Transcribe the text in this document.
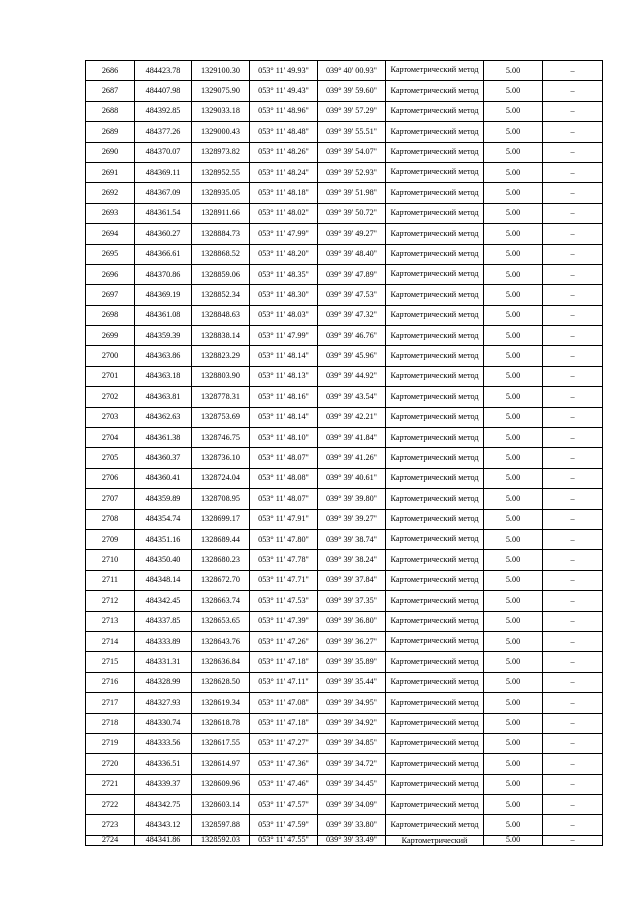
2686	484423.78	1329100.30	053° 11' 49.93"	039° 40' 00.93"	Картометрический метод	5.00	–
2687	484407.98	1329075.90	053° 11' 49.43"	039° 39' 59.60"	Картометрический метод	5.00	–
2688	484392.85	1329033.18	053° 11' 48.96"	039° 39' 57.29"	Картометрический метод	5.00	–
2689	484377.26	1329000.43	053° 11' 48.48"	039° 39' 55.51"	Картометрический метод	5.00	–
2690	484370.07	1328973.82	053° 11' 48.26"	039° 39' 54.07"	Картометрический метод	5.00	–
2691	484369.11	1328952.55	053° 11' 48.24"	039° 39' 52.93"	Картометрический метод	5.00	–
2692	484367.09	1328935.05	053° 11' 48.18"	039° 39' 51.98"	Картометрический метод	5.00	–
2693	484361.54	1328911.66	053° 11' 48.02"	039° 39' 50.72"	Картометрический метод	5.00	–
2694	484360.27	1328884.73	053° 11' 47.99"	039° 39' 49.27"	Картометрический метод	5.00	–
2695	484366.61	1328868.52	053° 11' 48.20"	039° 39' 48.40"	Картометрический метод	5.00	–
2696	484370.86	1328859.06	053° 11' 48.35"	039° 39' 47.89"	Картометрический метод	5.00	–
2697	484369.19	1328852.34	053° 11' 48.30"	039° 39' 47.53"	Картометрический метод	5.00	–
2698	484361.08	1328848.63	053° 11' 48.03"	039° 39' 47.32"	Картометрический метод	5.00	–
2699	484359.39	1328838.14	053° 11' 47.99"	039° 39' 46.76"	Картометрический метод	5.00	–
2700	484363.86	1328823.29	053° 11' 48.14"	039° 39' 45.96"	Картометрический метод	5.00	–
2701	484363.18	1328803.90	053° 11' 48.13"	039° 39' 44.92"	Картометрический метод	5.00	–
2702	484363.81	1328778.31	053° 11' 48.16"	039° 39' 43.54"	Картометрический метод	5.00	–
2703	484362.63	1328753.69	053° 11' 48.14"	039° 39' 42.21"	Картометрический метод	5.00	–
2704	484361.38	1328746.75	053° 11' 48.10"	039° 39' 41.84"	Картометрический метод	5.00	–
2705	484360.37	1328736.10	053° 11' 48.07"	039° 39' 41.26"	Картометрический метод	5.00	–
2706	484360.41	1328724.04	053° 11' 48.08"	039° 39' 40.61"	Картометрический метод	5.00	–
2707	484359.89	1328708.95	053° 11' 48.07"	039° 39' 39.80"	Картометрический метод	5.00	–
2708	484354.74	1328699.17	053° 11' 47.91"	039° 39' 39.27"	Картометрический метод	5.00	–
2709	484351.16	1328689.44	053° 11' 47.80"	039° 39' 38.74"	Картометрический метод	5.00	–
2710	484350.40	1328680.23	053° 11' 47.78"	039° 39' 38.24"	Картометрический метод	5.00	–
2711	484348.14	1328672.70	053° 11' 47.71"	039° 39' 37.84"	Картометрический метод	5.00	–
2712	484342.45	1328663.74	053° 11' 47.53"	039° 39' 37.35"	Картометрический метод	5.00	–
2713	484337.85	1328653.65	053° 11' 47.39"	039° 39' 36.80"	Картометрический метод	5.00	–
2714	484333.89	1328643.76	053° 11' 47.26"	039° 39' 36.27"	Картометрический метод	5.00	–
2715	484331.31	1328636.84	053° 11' 47.18"	039° 39' 35.89"	Картометрический метод	5.00	–
2716	484328.99	1328628.50	053° 11' 47.11"	039° 39' 35.44"	Картометрический метод	5.00	–
2717	484327.93	1328619.34	053° 11' 47.08"	039° 39' 34.95"	Картометрический метод	5.00	–
2718	484330.74	1328618.78	053° 11' 47.18"	039° 39' 34.92"	Картометрический метод	5.00	–
2719	484333.56	1328617.55	053° 11' 47.27"	039° 39' 34.85"	Картометрический метод	5.00	–
2720	484336.51	1328614.97	053° 11' 47.36"	039° 39' 34.72"	Картометрический метод	5.00	–
2721	484339.37	1328609.96	053° 11' 47.46"	039° 39' 34.45"	Картометрический метод	5.00	–
2722	484342.75	1328603.14	053° 11' 47.57"	039° 39' 34.09"	Картометрический метод	5.00	–
2723	484343.12	1328597.88	053° 11' 47.59"	039° 39' 33.80"	Картометрический метод	5.00	–
2724	484341.86	1328592.03	053° 11' 47.55"	039° 39' 33.49"	Картометрический	5.00	–
